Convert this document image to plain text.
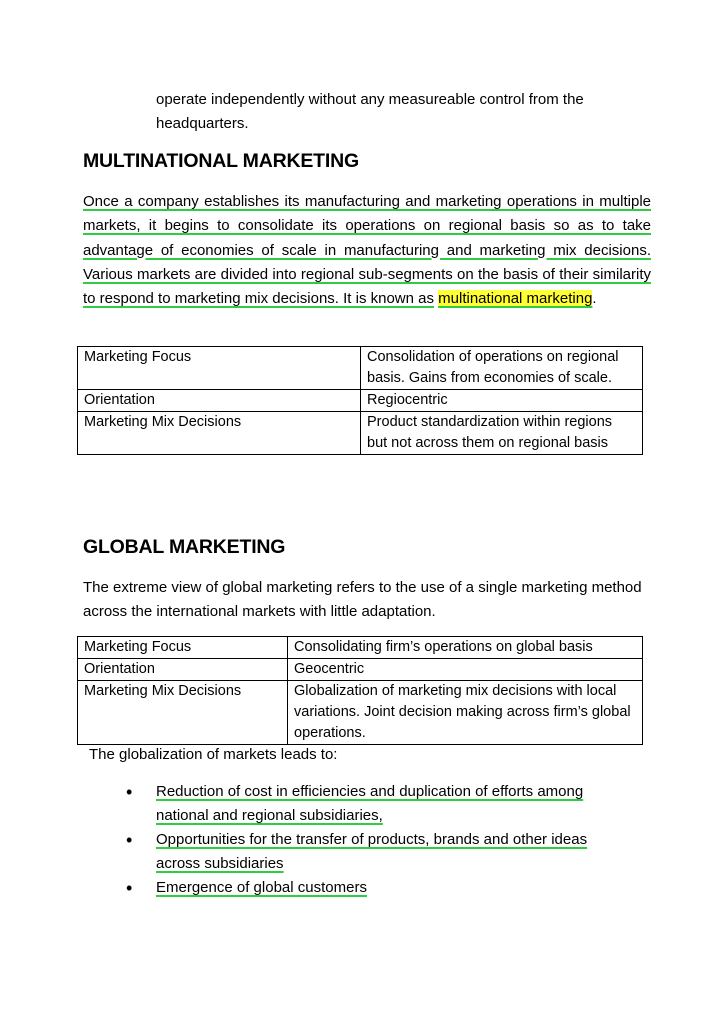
operate independently without any measureable control from the
headquarters.
MULTINATIONAL MARKETING
Once a company establishes its manufacturing and marketing operations in multiple markets, it begins to consolidate its operations on regional basis so as to take advantage of economies of scale in manufacturing and marketing mix decisions. Various markets are divided into regional sub-segments on the basis of their similarity to respond to marketing mix decisions. It is known as multinational marketing.
Marketing Focus	Consolidation of operations on regional basis. Gains from economies of scale.
Orientation	Regiocentric
Marketing Mix Decisions	Product standardization within regions but not across them on regional basis
GLOBAL MARKETING
The extreme view of global marketing refers to the use of a single marketing method across the international markets with little adaptation.
Marketing Focus	Consolidating firm’s operations on global basis
Orientation	Geocentric
Marketing Mix Decisions	Globalization of marketing mix decisions with local variations. Joint decision making across firm’s global operations.
The globalization of markets leads to:
• Reduction of cost in efficiencies and duplication of efforts among national and regional subsidiaries,
• Opportunities for the transfer of products, brands and other ideas across subsidiaries
• Emergence of global customers
